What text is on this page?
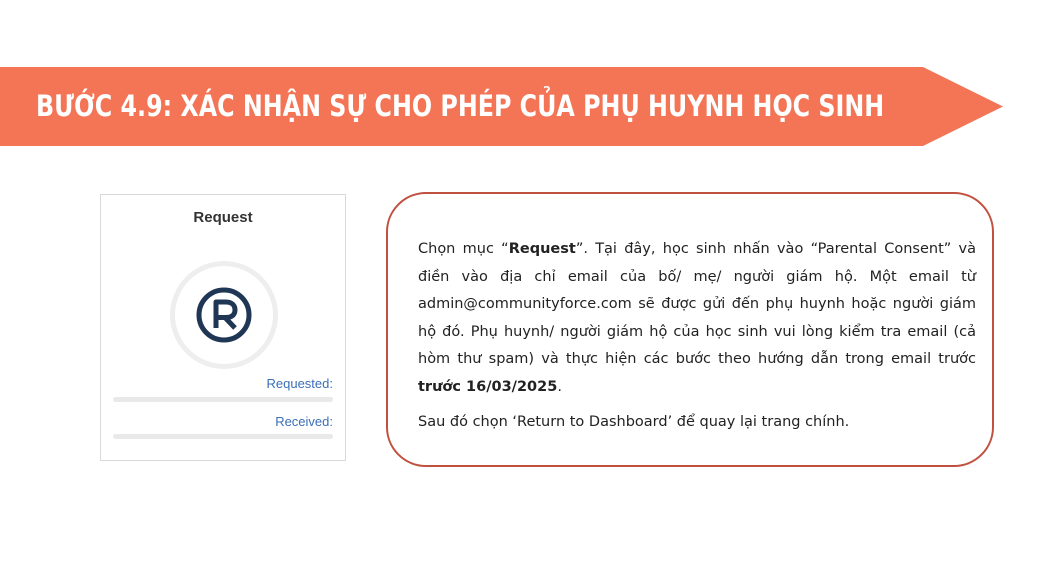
BƯỚC 4.9: XÁC NHẬN SỰ CHO PHÉP CỦA PHỤ HUYNH HỌC SINH
Request
Requested:
Received:

Chọn mục “Request”. Tại đây, học sinh nhấn vào “Parental Consent” và điền vào địa chỉ email của bố/ mẹ/ người giám hộ. Một email từ admin@communityforce.com sẽ được gửi đến phụ huynh hoặc người giám hộ đó. Phụ huynh/ người giám hộ của học sinh vui lòng kiểm tra email (cả hòm thư spam) và thực hiện các bước theo hướng dẫn trong email trước trước 16/03/2025.

Sau đó chọn ‘Return to Dashboard’ để quay lại trang chính.
